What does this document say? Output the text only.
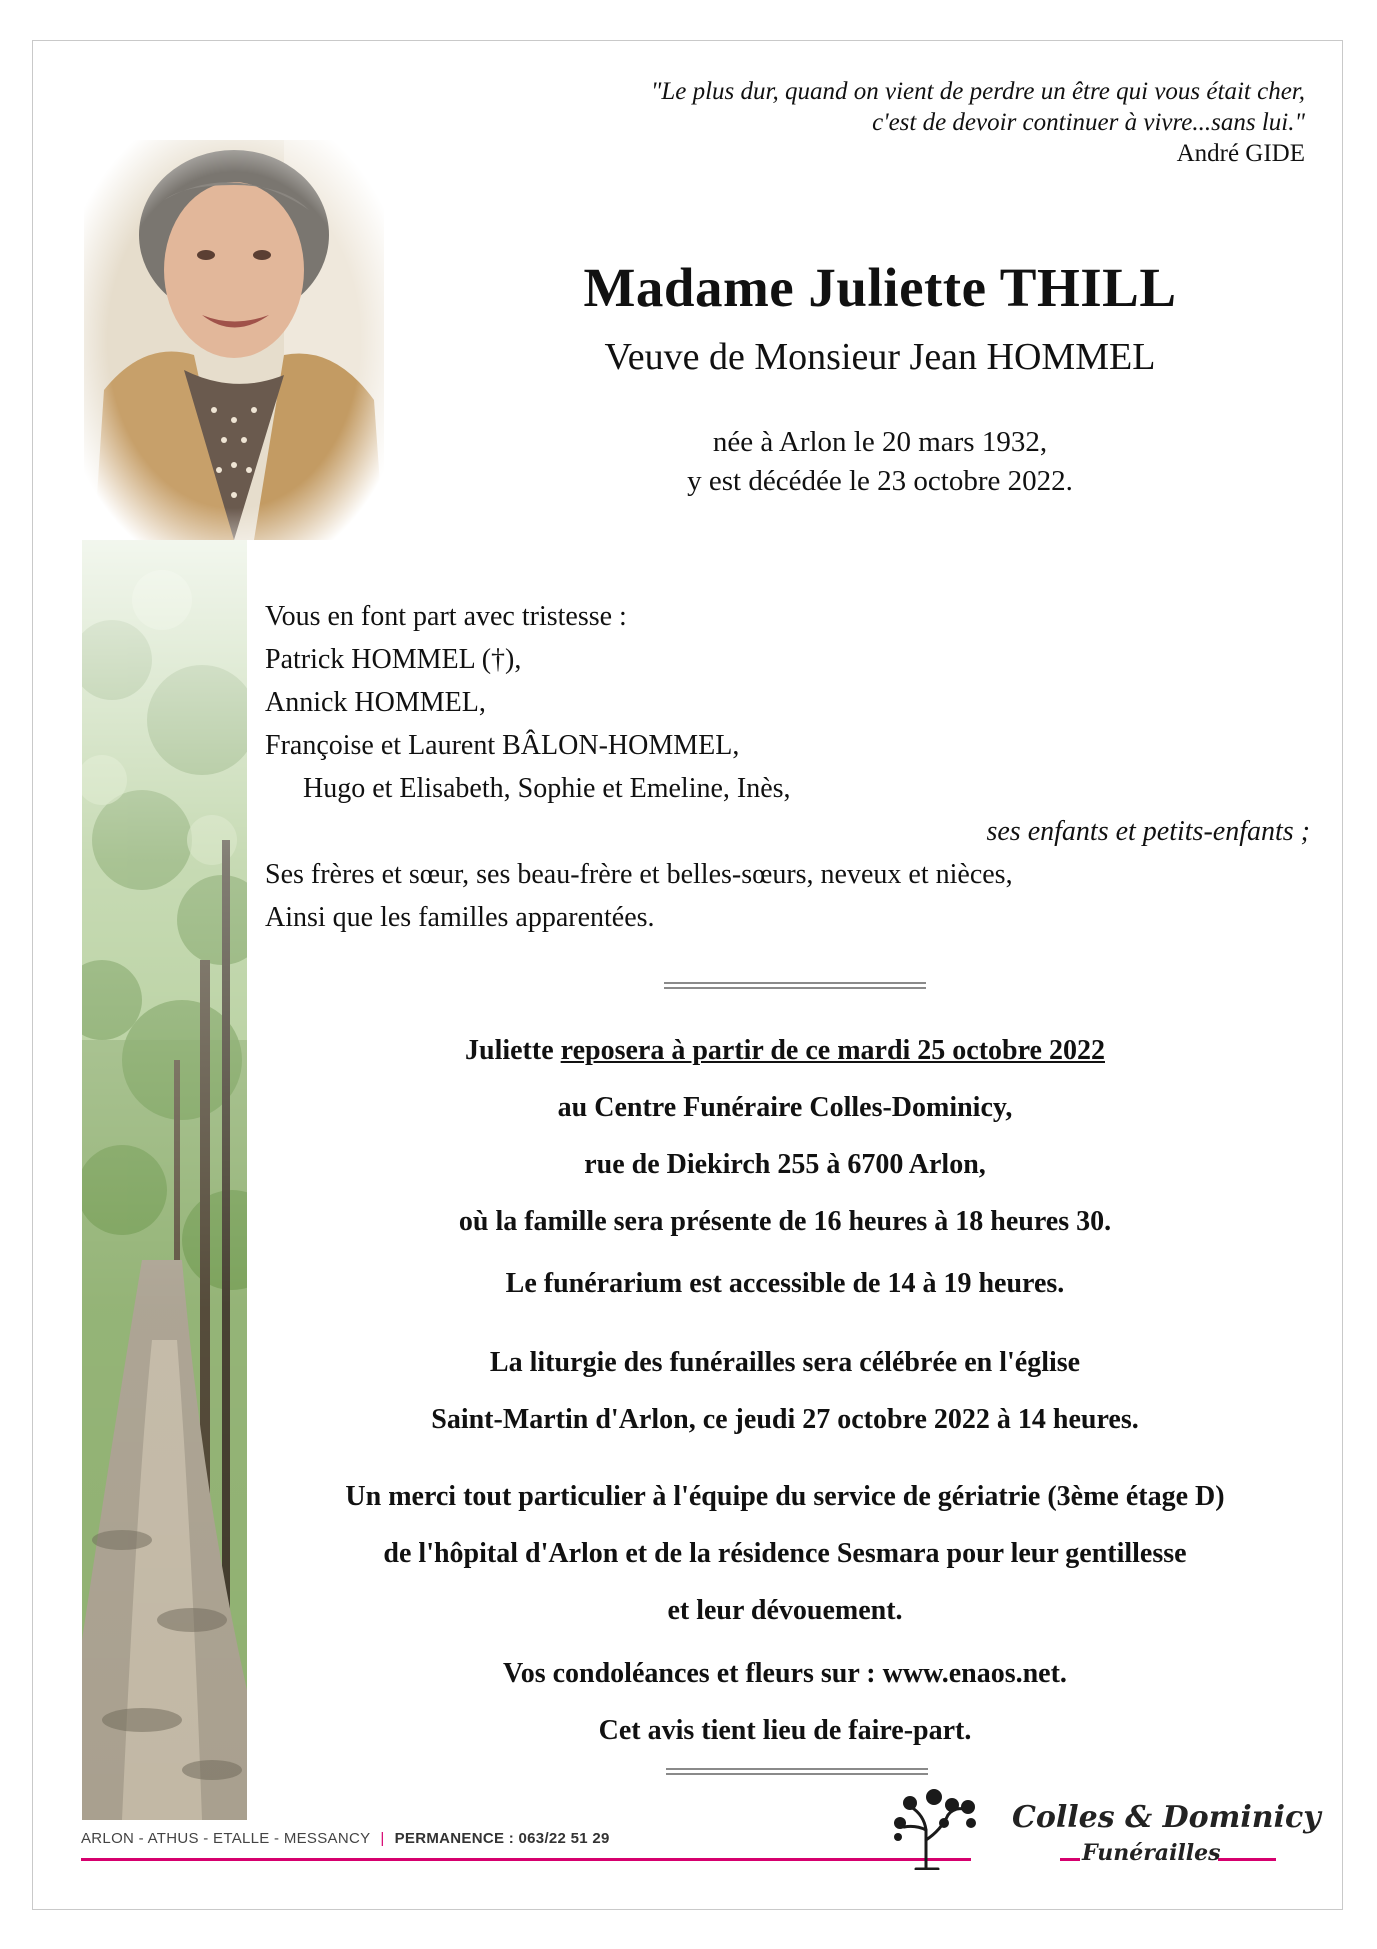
"Le plus dur, quand on vient de perdre un être qui vous était cher,
c'est de devoir continuer à vivre...sans lui."
André GIDE
Madame Juliette THILL
Veuve de Monsieur Jean HOMMEL
née à Arlon le 20 mars 1932,
y est décédée le 23 octobre 2022.
Vous en font part avec tristesse :
Patrick HOMMEL (†),
Annick HOMMEL,
Françoise et Laurent BÂLON-HOMMEL,
Hugo et Elisabeth, Sophie et Emeline, Inès,
ses enfants et petits-enfants ;
Ses frères et sœur, ses beau-frère et belles-sœurs, neveux et nièces,
Ainsi que les familles apparentées.
Juliette reposera à partir de ce mardi 25 octobre 2022
au Centre Funéraire Colles-Dominicy,
rue de Diekirch 255 à 6700 Arlon,
où la famille sera présente de 16 heures à 18 heures 30.
Le funérarium est accessible de 14 à 19 heures.
La liturgie des funérailles sera célébrée en l'église
Saint-Martin d'Arlon, ce jeudi 27 octobre 2022 à 14 heures.
Un merci tout particulier à l'équipe du service de gériatrie (3ème étage D)
de l'hôpital d'Arlon et de la résidence Sesmara pour leur gentillesse
et leur dévouement.
Vos condoléances et fleurs sur : www.enaos.net.
Cet avis tient lieu de faire-part.
ARLON - ATHUS - ETALLE - MESSANCY | PERMANENCE : 063/22 51 29
Colles & Dominicy
Funérailles
